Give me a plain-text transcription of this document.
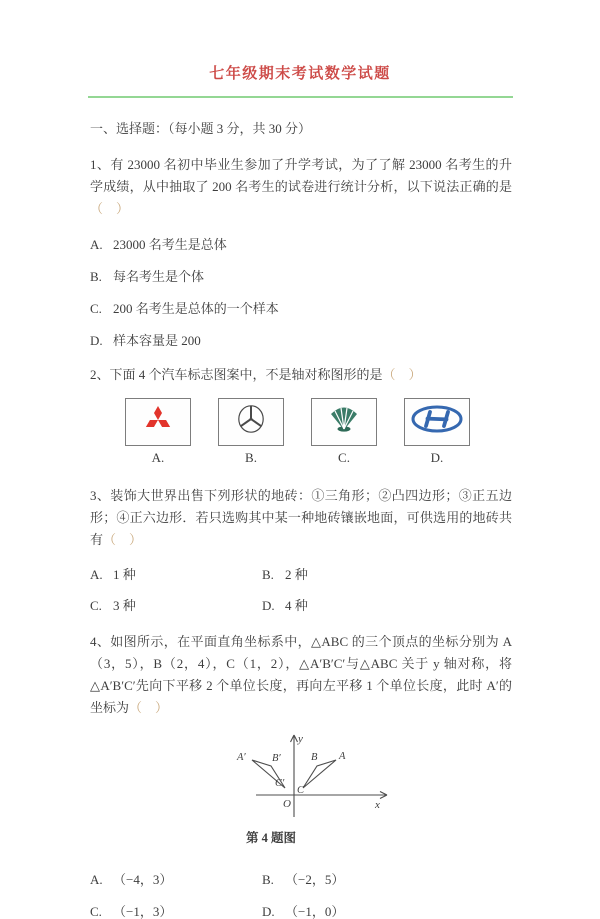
七年级期末考试数学试题
一、选择题：（每小题 3 分，共 30 分）
1、有 23000 名初中毕业生参加了升学考试，为了了解 23000 名考生的升学成绩，从中抽取了 200 名考生的试卷进行统计分析，以下说法正确的是（　）
A. 23000 名考生是总体
B. 每名考生是个体
C. 200 名考生是总体的一个样本
D. 样本容量是 200
2、下面 4 个汽车标志图案中，不是轴对称图形的是（　）
A.	B.	C.	D.
3、装饰大世界出售下列形状的地砖：①三角形；②凸四边形；③正五边形；④正六边形．若只选购其中某一种地砖镶嵌地面，可供选用的地砖共有（　）
A. 1 种	B. 2 种
C. 3 种	D. 4 种
4、如图所示，在平面直角坐标系中，△ABC 的三个顶点的坐标分别为 A（3，5），B（2，4），C（1，2），△A′B′C′与△ABC 关于 y 轴对称，将△A′B′C′先向下平移 2 个单位长度，再向左平移 1 个单位长度，此时 A′的坐标为（　）
y
x
O
A′	B′
C′
A
B
C
第 4 题图
A. （−4，3）	B. （−2，5）
C. （−1，3）	D. （−1，0）
